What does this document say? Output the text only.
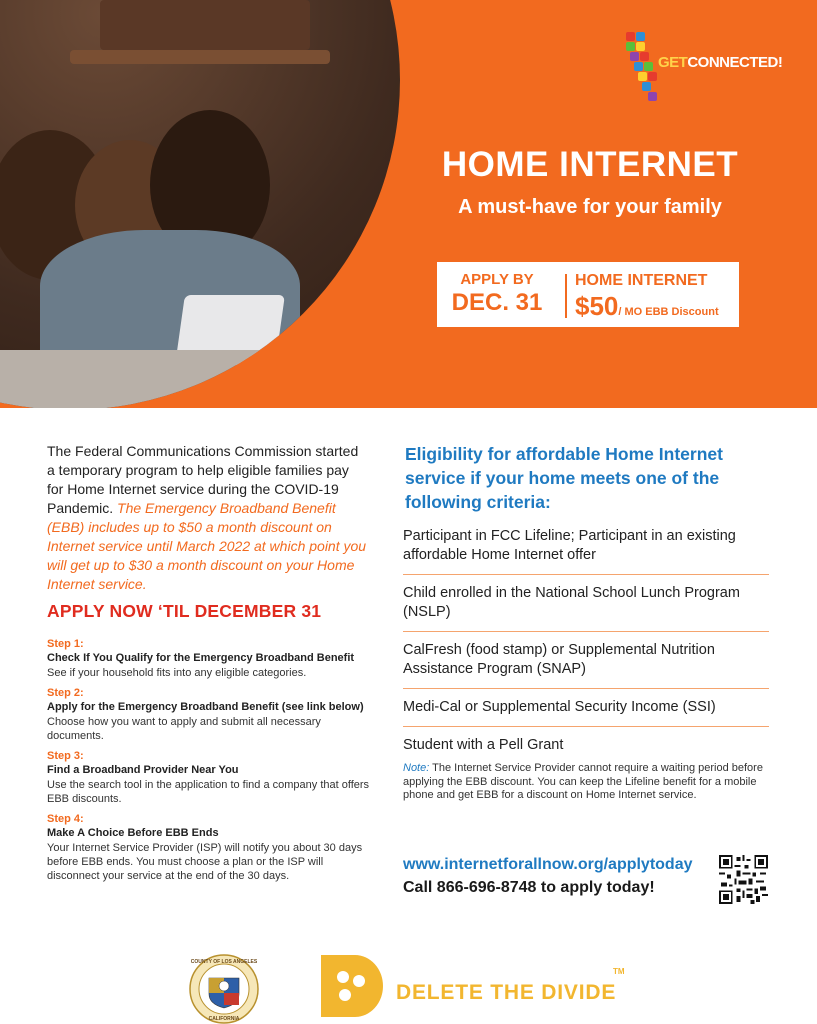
GETCONNECTED!
HOME INTERNET
A must-have for your family
APPLY BY
DEC. 31
HOME INTERNET
$50/ MO EBB Discount

The Federal Communications Commission started a temporary program to help eligible families pay for Home Internet service during the COVID-19 Pandemic. The Emergency Broadband Benefit (EBB) includes up to $50 a month discount on Internet service until March 2022 at which point you will get up to $30 a month discount on your Home Internet service.

APPLY NOW ‘TIL DECEMBER 31
Step 1:
Check If You Qualify for the Emergency Broadband Benefit
See if your household fits into any eligible categories.
Step 2:
Apply for the Emergency Broadband Benefit (see link below)
Choose how you want to apply and submit all necessary documents.
Step 3:
Find a Broadband Provider Near You
Use the search tool in the application to find a company that offers EBB discounts.
Step 4:
Make A Choice Before EBB Ends
Your Internet Service Provider (ISP) will notify you about 30 days before EBB ends. You must choose a plan or the ISP will disconnect your service at the end of the 30 days.
Eligibility for affordable Home Internet service if your home meets one of the following criteria:
Participant in FCC Lifeline; Participant in an existing affordable Home Internet offer
Child enrolled in the National School Lunch Program (NSLP)
CalFresh (food stamp) or Supplemental Nutrition Assistance Program (SNAP)
Medi-Cal or Supplemental Security Income (SSI)
Student with a Pell Grant

Note: The Internet Service Provider cannot require a waiting period before applying the EBB discount. You can keep the Lifeline benefit for a mobile phone and get EBB for a discount on Home Internet service.

www.internetforallnow.org/applytoday
Call 866-696-8748 to apply today!
COUNTY OF LOS ANGELES
CALIFORNIA
DELETE THE DIVIDE
TM
